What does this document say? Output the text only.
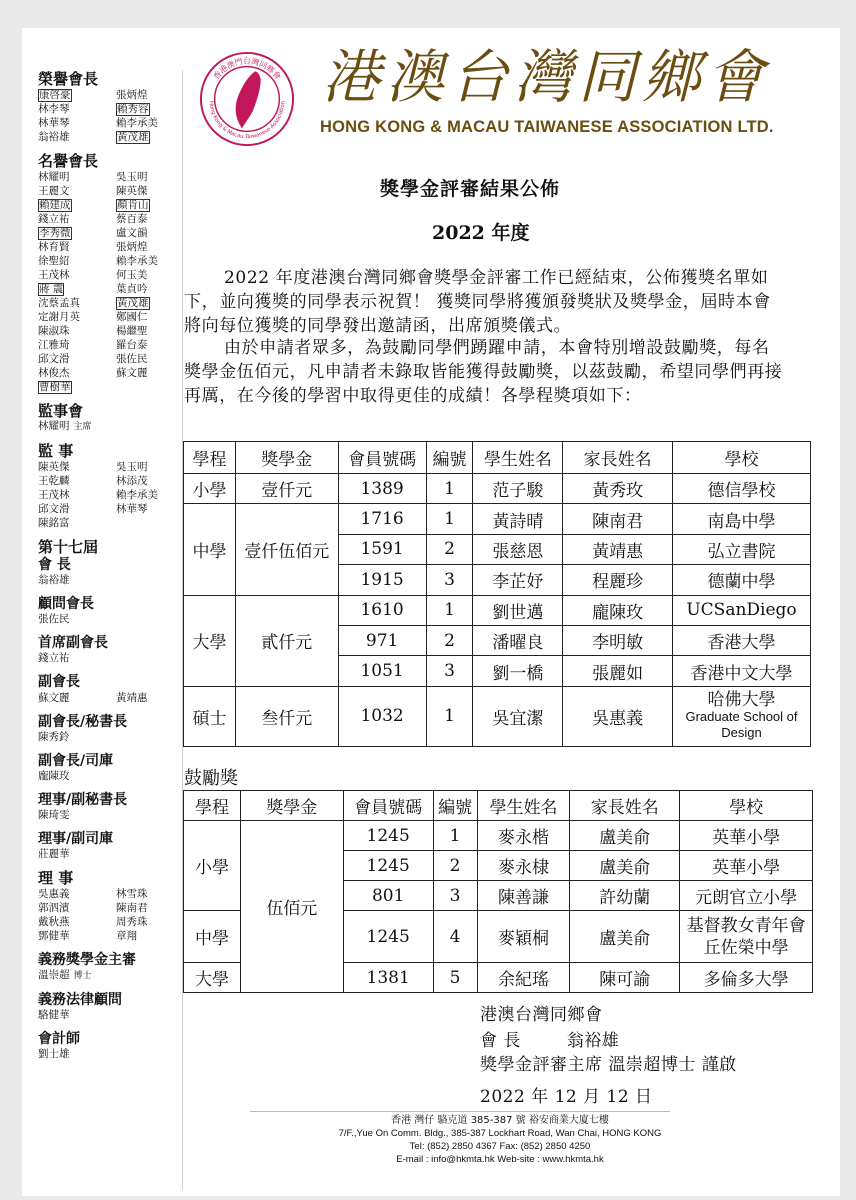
榮譽會長
康啓豪	張炳煌
林李琴	賴秀容
林華琴	賴李承美
翁裕雄	黃茂雄
名譽會長
林耀明	吳玉明
王麗文	陳英傑
賴建成	顏肯山
錢立祐	蔡百泰
李秀微	盧文韻
林育賢	張炳煌
徐聖紹	賴李承美
王茂林	何玉美
蔣 震	葉貞吟
沈蔡孟真	黃茂雄
定謝月英	鄭國仁
陳淑珠	楊繼聖
江雅琦	羅台泰
邱文滑	張佐民
林俊杰	蘇文麗
曹樹華
監事會
林耀明 主席
監 事
陳英傑	吳玉明
王乾麟	林添茂
王茂林	賴李承美
邱文滑	林華琴
陳銘富
第十七屆
會 長
翁裕雄
顧問會長
張佐民
首席副會長
錢立祐
副會長
蘇文麗	黃靖惠
副會長/秘書長
陳秀鈴
副會長/司庫
龐陳玫
理事/副秘書長
陳琦雯
理事/副司庫
莊麗華
理 事
吳惠義	林雪珠
郭泗濱	陳南君
戴秋燕	周秀珠
鄧健華	章翔
義務獎學金主審
溫崇超 博士
義務法律顧問
駱健華
會計師
劉士雄
香港澳門台灣同鄉會
Hong Kong & Macau Taiwanese Association 港澳台灣同鄉會
HONG KONG & MACAU TAIWANESE ASSOCIATION LTD.
獎學金評審結果公佈
2022 年度
2022 年度港澳台灣同鄉會獎學金評審工作已經結束，公佈獲獎名單如下，並向獲獎的同學表示祝賀！ 獲獎同學將獲頒發獎狀及獎學金，屆時本會將向每位獲獎的同學發出邀請函，出席頒獎儀式。
由於申請者眾多，為鼓勵同學們踴躍申請，本會特別增設鼓勵獎，每名獎學金伍佰元，凡申請者未錄取皆能獲得鼓勵獎，以茲鼓勵，希望同學們再接再厲，在今後的學習中取得更佳的成績！各學程獎項如下：
學程	獎學金	會員號碼	編號	學生姓名	家長姓名	學校
小學	壹仟元	1389	1	范子駿	黃秀玫	德信學校
中學	壹仟伍佰元	1716	1	黃詩晴	陳南君	南島中學
		1591	2	張慈恩	黃靖惠	弘立書院
		1915	3	李芷妤	程麗珍	德蘭中學
大學	貳仟元	1610	1	劉世邁	龐陳玫	UCSanDiego
		971	2	潘曜良	李明敏	香港大學
		1051	3	劉一橋	張麗如	香港中文大學
碩士	叁仟元	1032	1	吳宜潔	吳惠義	哈佛大學
Graduate School of Design
鼓勵獎
學程	獎學金	會員號碼	編號	學生姓名	家長姓名	學校
小學	伍佰元	1245	1	麥永楷	盧美俞	英華小學
		1245	2	麥永棣	盧美俞	英華小學
		801	3	陳善謙	許幼蘭	元朗官立小學
中學		1245	4	麥穎桐	盧美俞	基督教女青年會丘佐榮中學
大學		1381	5	余紀瑤	陳可諭	多倫多大學
港澳台灣同鄉會
會 長	翁裕雄
獎學金評審主席 溫崇超博士 謹啟
2022 年 12 月 12 日
香港 灣仔 駱克道 385-387 號 裕安商業大廈七樓
7/F.,Yue On Comm. Bldg., 385-387 Lockhart Road, Wan Chai, HONG KONG
Tel: (852) 2850 4367 Fax: (852) 2850 4250
E-mail : info@hkmta.hk Web-site : www.hkmta.hk
